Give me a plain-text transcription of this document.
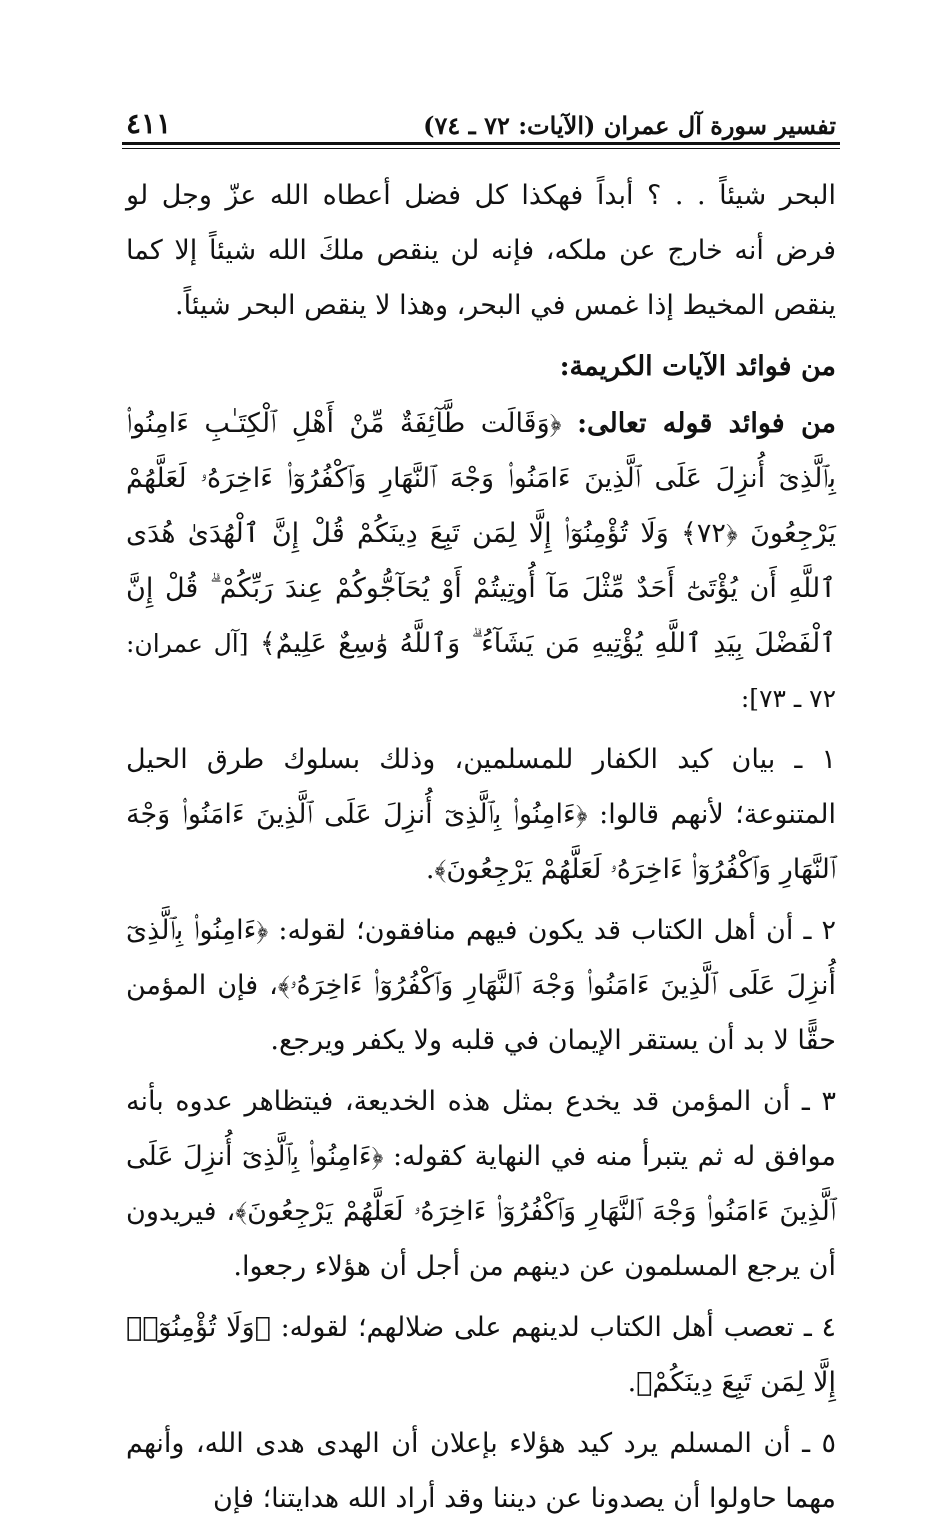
تفسير سورة آل عمران (الآيات: ٧٢ ـ ٧٤)
٤١١

البحر شيئاً . . ؟ أبداً فهكذا كل فضل أعطاه الله عزّ وجل لو فرض أنه خارج عن ملكه، فإنه لن ينقص ملكَ الله شيئاً إلا كما ينقص المخيط إذا غمس في البحر، وهذا لا ينقص البحر شيئاً.

من فوائد الآيات الكريمة:

من فوائد قوله تعالى: ﴿وَقَالَت طَّآئِفَةٌ مِّنْ أَهْلِ ٱلْكِتَـٰبِ ءَامِنُوا۟ بِٱلَّذِىٓ أُنزِلَ عَلَى ٱلَّذِينَ ءَامَنُوا۟ وَجْهَ ٱلنَّهَارِ وَٱكْفُرُوٓا۟ ءَاخِرَهُۥ لَعَلَّهُمْ يَرْجِعُونَ ﴿٧٢﴾ وَلَا تُؤْمِنُوٓا۟ إِلَّا لِمَن تَبِعَ دِينَكُمْ قُلْ إِنَّ ٱلْهُدَىٰ هُدَى ٱللَّهِ أَن يُؤْتَىٰٓ أَحَدٌ مِّثْلَ مَآ أُوتِيتُمْ أَوْ يُحَآجُّوكُمْ عِندَ رَبِّكُمْ ۗ قُلْ إِنَّ ٱلْفَضْلَ بِيَدِ ٱللَّهِ يُؤْتِيهِ مَن يَشَآءُ ۗ وَٱللَّهُ وَٰسِعٌ عَلِيمٌ﴾ [آل عمران: ٧٢ ـ ٧٣]:

١ ـ بيان كيد الكفار للمسلمين، وذلك بسلوك طرق الحيل المتنوعة؛ لأنهم قالوا: ﴿ءَامِنُوا۟ بِٱلَّذِىٓ أُنزِلَ عَلَى ٱلَّذِينَ ءَامَنُوا۟ وَجْهَ ٱلنَّهَارِ وَٱكْفُرُوٓا۟ ءَاخِرَهُۥ لَعَلَّهُمْ يَرْجِعُونَ﴾.

٢ ـ أن أهل الكتاب قد يكون فيهم منافقون؛ لقوله: ﴿ءَامِنُوا۟ بِٱلَّذِىٓ أُنزِلَ عَلَى ٱلَّذِينَ ءَامَنُوا۟ وَجْهَ ٱلنَّهَارِ وَٱكْفُرُوٓا۟ ءَاخِرَهُۥ﴾، فإن المؤمن حقًّا لا بد أن يستقر الإيمان في قلبه ولا يكفر ويرجع.

٣ ـ أن المؤمن قد يخدع بمثل هذه الخديعة، فيتظاهر عدوه بأنه موافق له ثم يتبرأ منه في النهاية كقوله: ﴿ءَامِنُوا۟ بِٱلَّذِىٓ أُنزِلَ عَلَى ٱلَّذِينَ ءَامَنُوا۟ وَجْهَ ٱلنَّهَارِ وَٱكْفُرُوٓا۟ ءَاخِرَهُۥ لَعَلَّهُمْ يَرْجِعُونَ﴾، فيريدون أن يرجع المسلمون عن دينهم من أجل أن هؤلاء رجعوا.

٤ ـ تعصب أهل الكتاب لدينهم على ضلالهم؛ لقوله: ﴿وَلَا تُؤْمِنُوٓا۟ إِلَّا لِمَن تَبِعَ دِينَكُمْ﴾.

٥ ـ أن المسلم يرد كيد هؤلاء بإعلان أن الهدى هدى الله، وأنهم مهما حاولوا أن يصدونا عن ديننا وقد أراد الله هدايتنا؛ فإن
